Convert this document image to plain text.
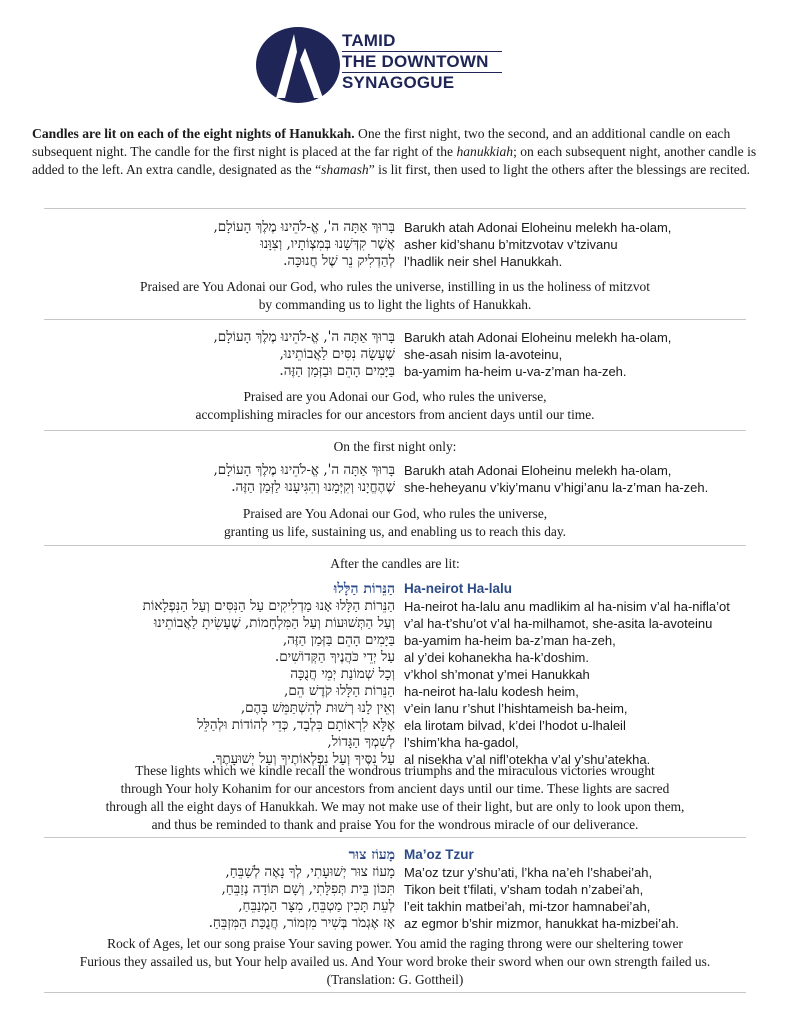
TAMID
THE DOWNTOWN
SYNAGOGUE
Candles are lit on each of the eight nights of Hanukkah. One the first night, two the second, and an additional candle on each subsequent night. The candle for the first night is placed at the far right of the hanukkiah; on each subsequent night, another candle is added to the left. An extra candle, designated as the “shamash” is lit first, then used to light the others after the blessings are recited.
בָּרוּךְ אַתָּה ה', אֱ-לֹהֵינוּ מֶלֶךְ הָעוֹלָם,
אֲשֶׁר קִדְּשָׁנוּ בְּמִצְוֹתָיו, וְצִוָּנוּ
לְהַדְלִיק נֵר שֶׁל חֲנוּכָּה.
Barukh atah Adonai Eloheinu melekh ha-olam,
asher kid’shanu b’mitzvotav v’tzivanu
l’hadlik neir shel Hanukkah.
Praised are You Adonai our God, who rules the universe, instilling in us the holiness of mitzvot
by commanding us to light the lights of Hanukkah.
בָּרוּךְ אַתָּה ה', אֱ-לֹהֵינוּ מֶלֶךְ הָעוֹלָם,
שֶׁעָשָׂה נִסִּים לַאֲבוֹתֵינוּ,
בַּיָּמִים הָהֵם וּבַזְּמַן הַזֶּה.
Barukh atah Adonai Eloheinu melekh ha-olam,
she-asah nisim la-avoteinu,
ba-yamim ha-heim u-va-z’man ha-zeh.
Praised are you Adonai our God, who rules the universe,
accomplishing miracles for our ancestors from ancient days until our time.
On the first night only:
בָּרוּךְ אַתָּה ה', אֱ-לֹהֵינוּ מֶלֶךְ הָעוֹלָם,
שֶׁהֶחֱיָנוּ וְקִיְּמָנוּ וְהִגִּיעָנוּ לַזְּמַן הַזֶּה.
Barukh atah Adonai Eloheinu melekh ha-olam,
she-heheyanu v’kiy’manu v’higi’anu la-z’man ha-zeh.
Praised are You Adonai our God, who rules the universe,
granting us life, sustaining us, and enabling us to reach this day.
After the candles are lit:
הַנֵּרוֹת הַלָּלוּ
הַנֵּרוֹת הַלָּלוּ אָנוּ מַדְלִיקִים עַל הַנִּסִּים וְעַל הַנִּפְלָאוֹת
וְעַל הַתְּשׁוּעוֹת וְעַל הַמִּלְחָמוֹת, שֶׁעָשִׂיתָ לַאֲבוֹתֵינוּ
בַּיָּמִים הָהֵם בַּזְּמַן הַזֶּה,
עַל יְדֵי כֹּהֲנֶיךָ הַקְּדוֹשִׁים.
וְכָל שְׁמוֹנַת יְמֵי חֲנֻכָּה
הַנֵּרוֹת הַלָּלוּ קֹדֶשׁ הֵם,
וְאֵין לָנוּ רְשׁוּת לְהִשְׁתַּמֵּשׁ בָּהֶם,
אֶלָּא לִרְאוֹתָם בִּלְבָד, כְּדֵי לְהוֹדוֹת וּלְהַלֵּל
לְשִׁמְךָ הַגָּדוֹל,
עַל נִסֶּיךָ וְעַל נִפְלְאוֹתֶיךָ וְעַל יְשׁוּעָתֶךָ.
Ha-neirot Ha-lalu
Ha-neirot ha-lalu anu madlikim al ha-nisim v’al ha-nifla’ot
v’al ha-t’shu’ot v’al ha-milhamot, she-asita la-avoteinu
ba-yamim ha-heim ba-z’man ha-zeh,
al y’dei kohanekha ha-k’doshim.
v’khol sh’monat y’mei Hanukkah
ha-neirot ha-lalu kodesh heim,
v’ein lanu r’shut l’hishtameish ba-heim,
ela lirotam bilvad, k’dei l’hodot u-lhaleil
l’shim’kha ha-gadol,
al nisekha v’al nifl’otekha v’al y’shu’atekha.
These lights which we kindle recall the wondrous triumphs and the miraculous victories wrought
through Your holy Kohanim for our ancestors from ancient days until our time. These lights are sacred
through all the eight days of Hanukkah. We may not make use of their light, but are only to look upon them,
and thus be reminded to thank and praise You for the wondrous miracle of our deliverance.
מָעוֹז צוּר
מָעוֹז צוּר יְשׁוּעָתִי, לְךָ נָאֶה לְשַׁבֵּחַ,
תִּכּוֹן בֵּית תְּפִלָּתִי, וְשָׁם תּוֹדָה נְזַבֵּחַ,
לְעֵת תָּכִין מַטְבֵּחַ, מִצָּר הַמְנַבֵּחַ,
אָז אֶגְמֹר בְּשִׁיר מִזְמוֹר, חֲנֻכַּת הַמִּזְבֵּחַ.
Ma’oz Tzur
Ma’oz tzur y’shu’ati, l’kha na’eh l’shabei’ah,
Tikon beit t’filati, v’sham todah n’zabei’ah,
l’eit takhin matbei’ah, mi-tzor hamnabei’ah,
az egmor b’shir mizmor, hanukkat ha-mizbei’ah.
Rock of Ages, let our song praise Your saving power. You amid the raging throng were our sheltering tower
Furious they assailed us, but Your help availed us. And Your word broke their sword when our own strength failed us.
(Translation: G. Gottheil)
